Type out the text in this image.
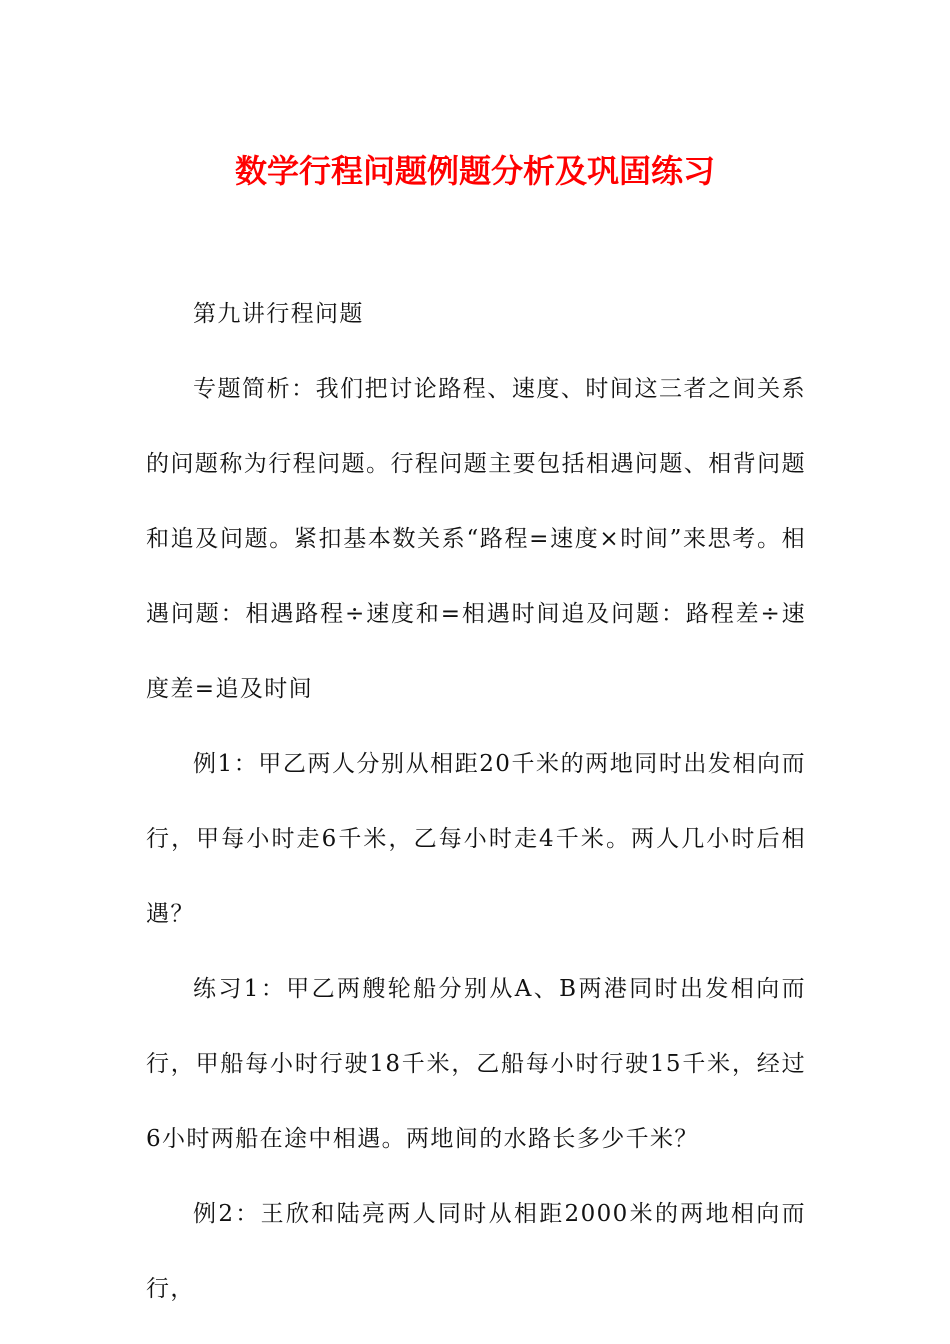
数学行程问题例题分析及巩固练习

第九讲行程问题

专题简析：我们把讨论路程、速度、时间这三者之间关系的问题称为行程问题。行程问题主要包括相遇问题、相背问题和追及问题。紧扣基本数关系“路程=速度×时间”来思考。相遇问题：相遇路程÷速度和=相遇时间追及问题：路程差÷速度差=追及时间

例1：甲乙两人分别从相距20千米的两地同时出发相向而行，甲每小时走6千米，乙每小时走4千米。两人几小时后相遇？

练习1：甲乙两艘轮船分别从A、B两港同时出发相向而行，甲船每小时行驶18千米，乙船每小时行驶15千米，经过6小时两船在途中相遇。两地间的水路长多少千米？

例2：王欣和陆亮两人同时从相距2000米的两地相向而行，
